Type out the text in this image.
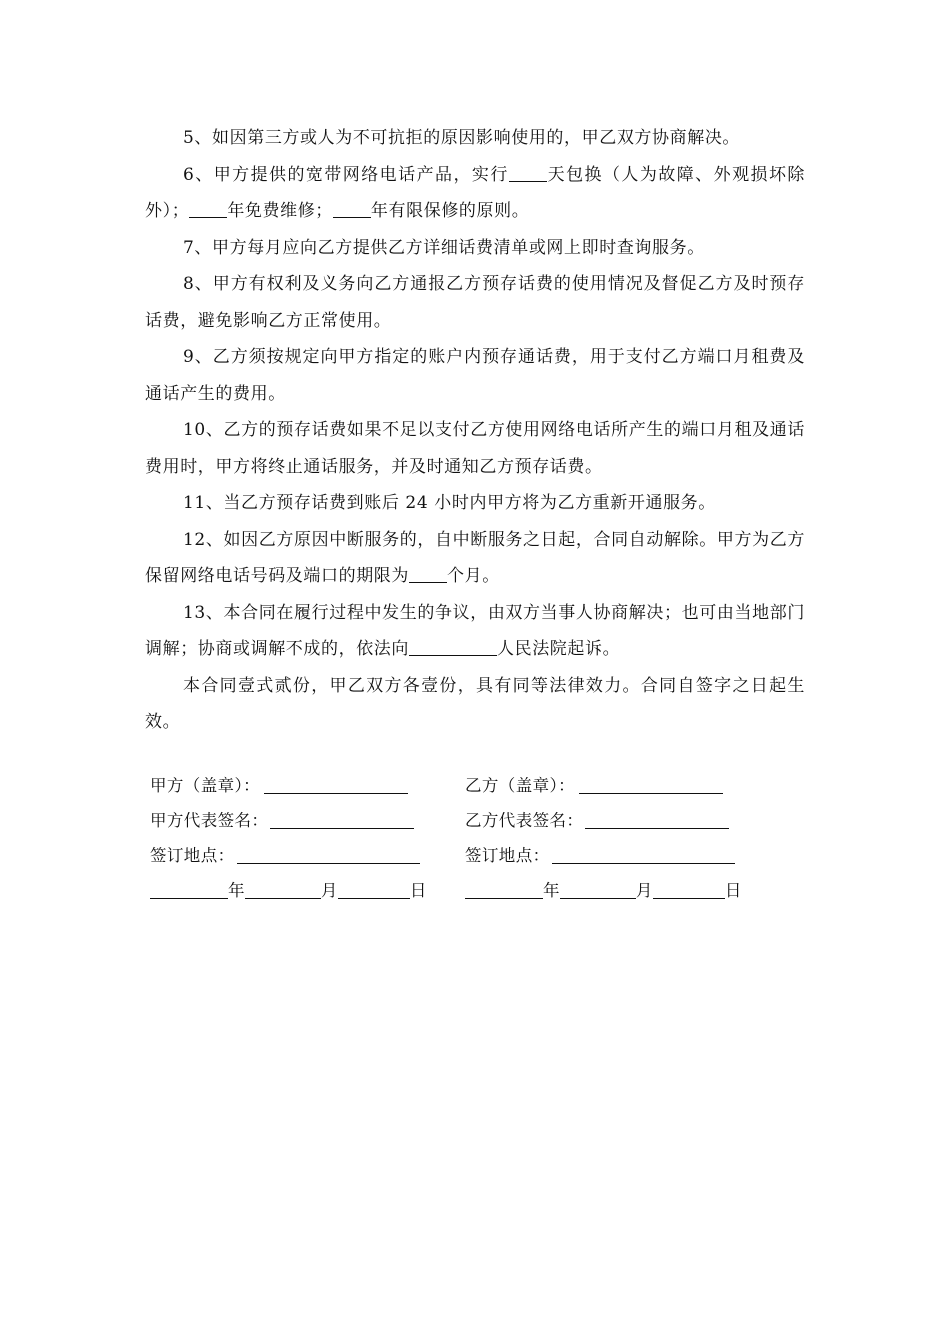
5、如因第三方或人为不可抗拒的原因影响使用的，甲乙双方协商解决。

6、甲方提供的宽带网络电话产品，实行 天包换（人为故障、外观损坏除外）； 年免费维修； 年有限保修的原则。

7、甲方每月应向乙方提供乙方详细话费清单或网上即时查询服务。

8、甲方有权利及义务向乙方通报乙方预存话费的使用情况及督促乙方及时预存话费，避免影响乙方正常使用。

9、乙方须按规定向甲方指定的账户内预存通话费，用于支付乙方端口月租费及通话产生的费用。

10、乙方的预存话费如果不足以支付乙方使用网络电话所产生的端口月租及通话费用时，甲方将终止通话服务，并及时通知乙方预存话费。

11、当乙方预存话费到账后 24 小时内甲方将为乙方重新开通服务。

12、如因乙方原因中断服务的，自中断服务之日起，合同自动解除。甲方为乙方保留网络电话号码及端口的期限为 个月。

13、本合同在履行过程中发生的争议，由双方当事人协商解决；也可由当地部门调解；协商或调解不成的，依法向	人民法院起诉。

本合同壹式贰份，甲乙双方各壹份，具有同等法律效力。合同自签字之日起生效。

甲方（盖章）：	乙方（盖章）：
甲方代表签名：	乙方代表签名：
签订地点：	签订地点：
年	月	日	年	月	日
